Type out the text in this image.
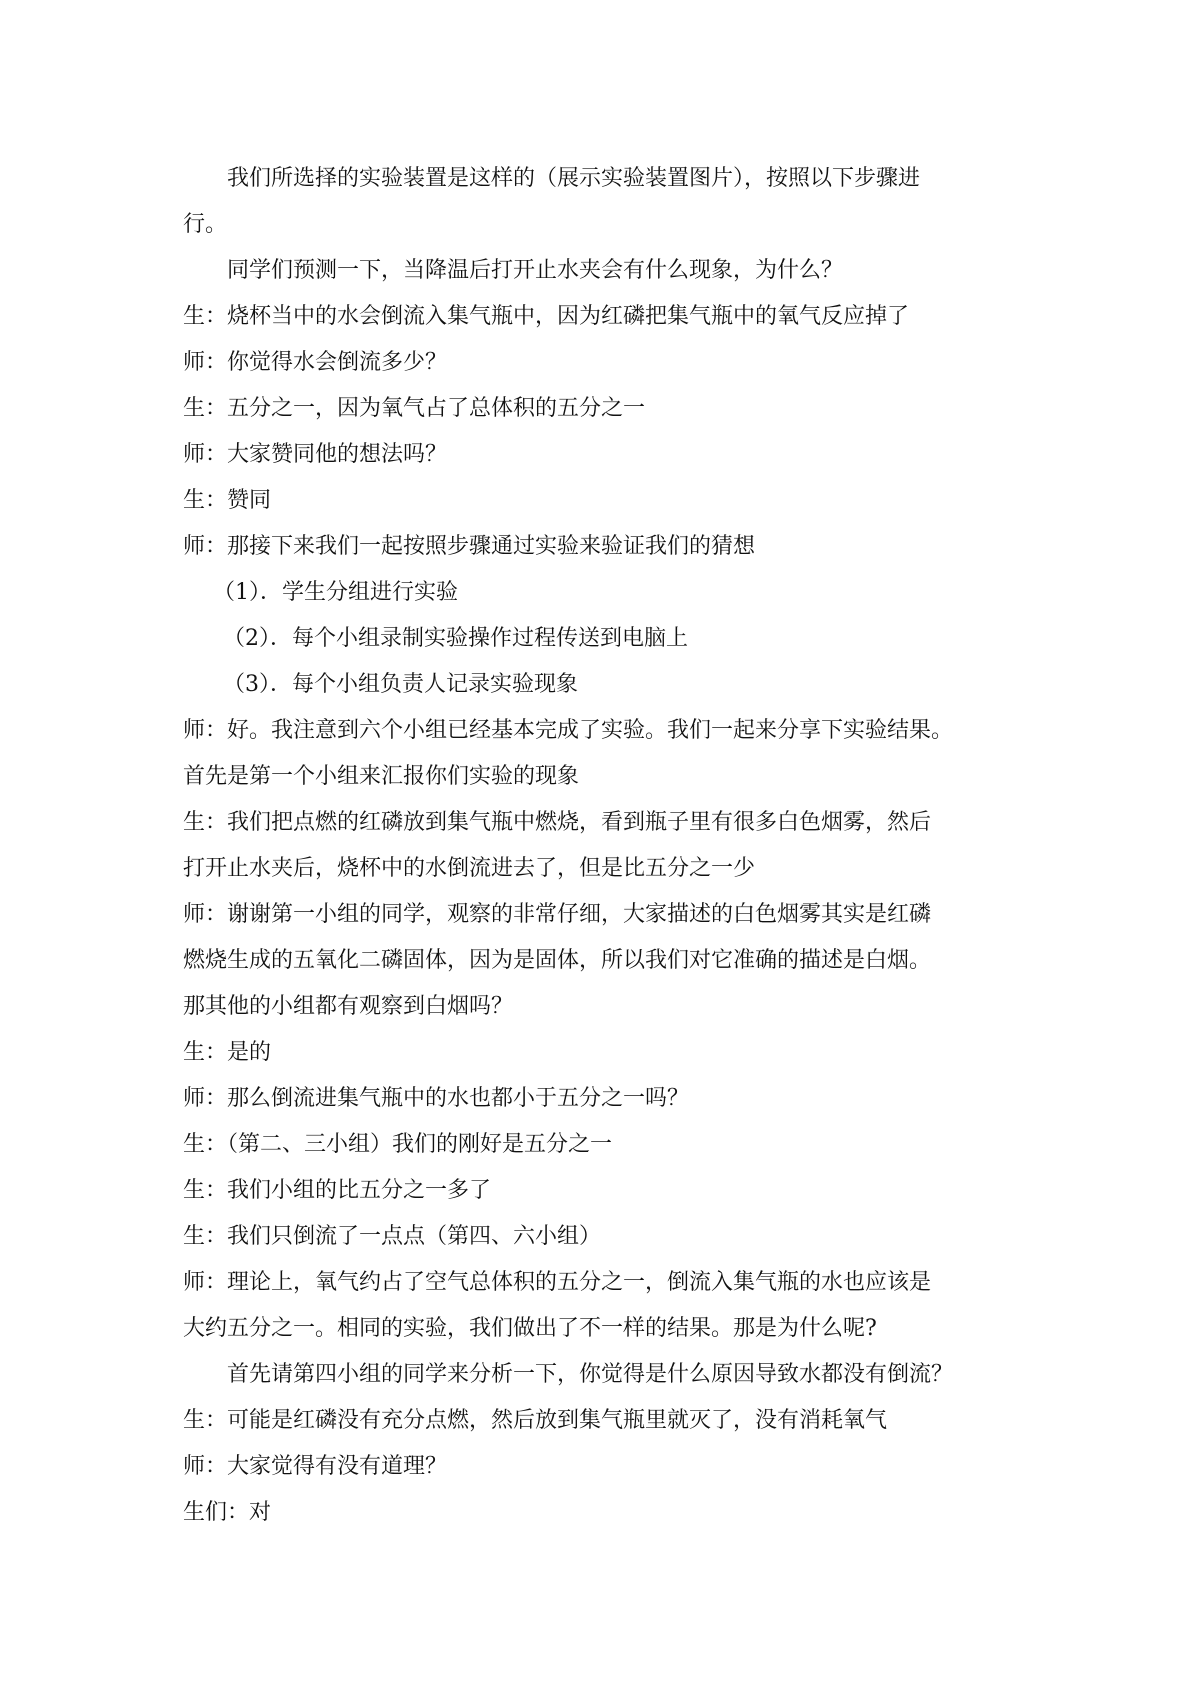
我们所选择的实验装置是这样的（展示实验装置图片），按照以下步骤进
行。
同学们预测一下，当降温后打开止水夹会有什么现象，为什么？
生：烧杯当中的水会倒流入集气瓶中，因为红磷把集气瓶中的氧气反应掉了
师：你觉得水会倒流多少？
生：五分之一，因为氧气占了总体积的五分之一
师：大家赞同他的想法吗？
生：赞同
师：那接下来我们一起按照步骤通过实验来验证我们的猜想
（1）．学生分组进行实验
（2）．每个小组录制实验操作过程传送到电脑上
（3）．每个小组负责人记录实验现象
师：好。我注意到六个小组已经基本完成了实验。我们一起来分享下实验结果。
首先是第一个小组来汇报你们实验的现象
生：我们把点燃的红磷放到集气瓶中燃烧，看到瓶子里有很多白色烟雾，然后
打开止水夹后，烧杯中的水倒流进去了，但是比五分之一少
师：谢谢第一小组的同学，观察的非常仔细，大家描述的白色烟雾其实是红磷
燃烧生成的五氧化二磷固体，因为是固体，所以我们对它准确的描述是白烟。
那其他的小组都有观察到白烟吗？
生：是的
师：那么倒流进集气瓶中的水也都小于五分之一吗？
生：（第二、三小组）我们的刚好是五分之一
生：我们小组的比五分之一多了
生：我们只倒流了一点点（第四、六小组）
师：理论上，氧气约占了空气总体积的五分之一，倒流入集气瓶的水也应该是
大约五分之一。相同的实验，我们做出了不一样的结果。那是为什么呢?
首先请第四小组的同学来分析一下，你觉得是什么原因导致水都没有倒流？
生：可能是红磷没有充分点燃，然后放到集气瓶里就灭了，没有消耗氧气
师：大家觉得有没有道理？
生们：对
